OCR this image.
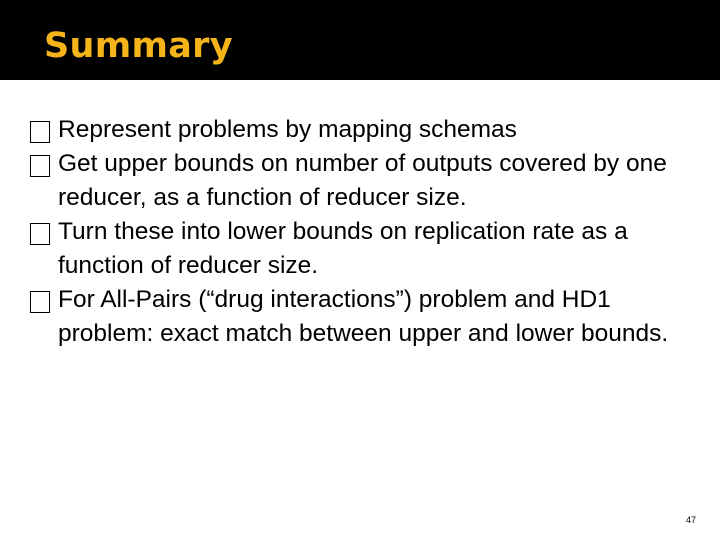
Summary
Represent problems by mapping schemas
Get upper bounds on number of outputs covered by one reducer, as a function of reducer size.
Turn these into lower bounds on replication rate as a function of reducer size.
For All-Pairs (“drug interactions”) problem and HD1 problem: exact match between upper and lower bounds.
47
